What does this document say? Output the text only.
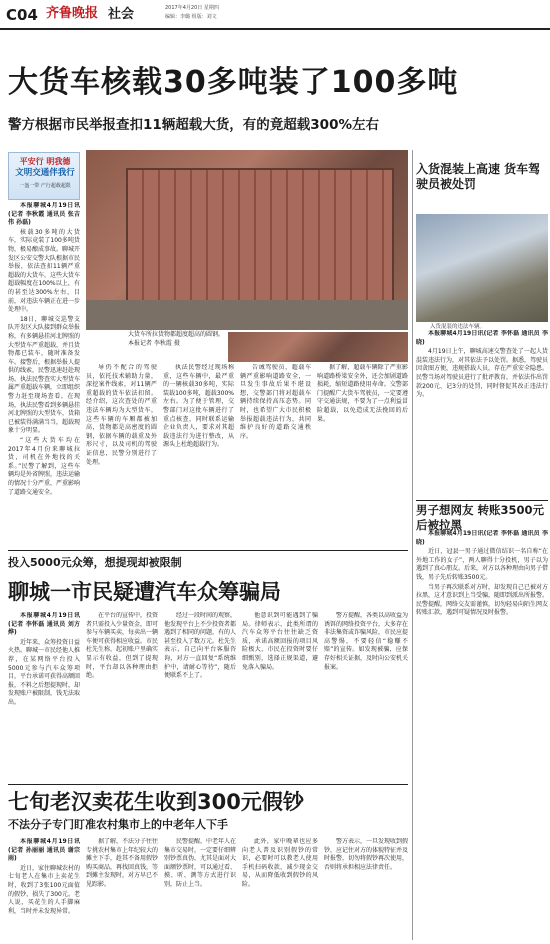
C04 齐鲁晚报 社会	2017年4月20日 星期四
编辑：李璐 组版：刘文
大货车核载30多吨装了100多吨
警方根据市民举报查扣11辆超载大货，有的竟超载300%左右
平安行 明我德
文明交通伴我行
一盔一带 产行超载超限
大货车所拉货物都超度超高的圆钢。本报记者 李秋霞 摄

本报聊城4月19日讯(记者 李秋霞 通讯员 张吉伟 孙磊)

核载30多吨的大货车，实际竟装了100多吨货物，极易酿成事故。聊城开发区公安交警大队根据市民举报，依法查扣11辆严重超载的大货车，这些大货车超载幅度在100%以上，有的甚至达300%左右，目前，对违法车辆正在进一步处理中。

18日，聊城交巡警支队开发区大队接到群众举报称，有多辆悬挂河北牌照的大型货车严重超载，并且货物都已装车，随时准备发车。接警后，根据举报人提供的线索，民警迅速赶赴现场。执法民警查实大型货车属严重超载车辆，立即组织警力赶至现场查看。在现场，执法民警看到多辆悬挂河北牌照的大型货车，货箱已被装得满满当当，超载现象十分明显。

“这些大货车均在2017年4月份来聊城拉货，司机在外地找的关系。”民警了解到，这些车辆均是外省牌照，违法运输的情况十分严重，严重影响了道路交通安全。

导仍不配合的驾驶员，依托技术辅助力量，深挖案件线索，对11辆严重超载的货车依法扣留。经介绍，这次查处的严重违法车辆均为大型货车，这些车辆的车厢都被加高，货物都是高密度的圆钢，依据车辆的载重及外形尺寸，以及司机的驾驶证信息，民警分别进行了处理。

执法民警经过现场称重，这些车辆中，最严重的一辆核载30多吨，实际装载100多吨，超载300%左右。为了便于管理，交警部门对这批车辆进行了重点核查，同时联系运输企业负责人，要求对其超载违法行为进行整改，从源头上杜绝超载行为。

告诫驾驶员，超载车辆严重影响道路安全，一旦发生事故后果不堪设想，交警部门将对超载车辆持续保持高压态势。同时，也希望广大市民积极举报超载违法行为，共同维护良好的道路交通秩序。

据了解，超载车辆除了严重影响道路桥梁安全外，还会加剧道路损耗，缩短道路使用寿命。交警部门提醒广大货车驾驶员，一定要遵守交通法规，不要为了一点利益冒险超载，以免造成无法挽回的后果。

入货混装上高速 货车驾驶员被处罚
入货混装的违法车辆。

本报聊城4月19日讯(记者 李怀磊 通讯员 李晓)

4月19日上午，聊城高速交警查处了一起人货混装违法行为，对其依法予以处罚。据悉，驾驶员因贪图方便，违规搭载人员，存在严重安全隐患。民警当场对驾驶员进行了批评教育，并依法作出罚款200元、记3分的处罚，同时督促其改正违法行为。

男子想网友 转账3500元后被拉黑

本报聊城4月19日讯(记者 李怀磊 通讯员 李晓)

近日，冠县一男子通过微信结识一名自称“在外地工作的女子”，两人聊得十分投机，男子以为遇到了真心朋友。后来，对方以各种理由向男子借钱，男子先后转账3500元。

当男子再次联系对方时，却发现自己已被对方拉黑，这才意识到上当受骗，随即到派出所报警。民警提醒，网络交友需谨慎，切勿轻易向陌生网友转账汇款，遇到可疑情况及时报警。

投入5000元众筹，想提现却被限制
聊城一市民疑遭汽车众筹骗局

本报聊城4月19日讯(记者 李怀磊 通讯员 刘方烨)

近年来，众筹投资日益火热。聊城一市民经他人推荐，在某网络平台投入5000元参与汽车众筹项目，平台承诺可获得高额回报，不料之后想提现时，却发现账户被限制，钱无法取出。

在平台的宣传中，投资者只需投入少量资金，即可参与车辆买卖，每卖出一辆车便可获得相应收益。市民杜先生称，起初账户里确实显示有收益，但到了提现时，平台却以各种理由拒绝。

经过一段时间的观察，他发现平台上不少投资者都遇到了相同的问题，有的人甚至投入了数万元。杜先生表示，自己向平台客服咨询，对方一直回复“系统维护中，请耐心等待”，随后便联系不上了。

他意识到可能遇到了骗局。律师表示，此类所谓的汽车众筹平台往往缺乏资质，承诺高额回报的项目风险极大，市民在投资时要仔细甄别，选择正规渠道，避免落入骗局。

警方提醒，各类以高收益为诱饵的网络投资平台，大多存在非法集资或诈骗风险，市民应提高警惕，不要轻信“稳赚不赔”的宣传。如发现被骗，应保存好相关证据，及时向公安机关报案。

七旬老汉卖花生收到300元假钞
不法分子专门盯准农村集市上的中老年人下手

本报聊城4月19日讯(记者 孙丽丽 通讯员 谢宗雨)

近日，家住聊城农村的七旬老人在集市上卖花生时，收到了3张100元面值的假钞，损失了300元。老人说，买花生的人手脚麻利，当时并未发现异常。

据了解，不法分子往往专挑农村集市上年纪较大的摊主下手，趁其不备用假钞购买商品，再找回真钱，等到摊主发现时，对方早已不见踪影。

民警提醒，中老年人在集市交易时，一定要仔细辨别钞票真伪，尤其是面对大面额钞票时，可以通过看、摸、听、测等方式进行识别，防止上当。

此外，家中晚辈也应多向老人普及识别假钞的常识，必要时可以教老人使用手机扫码收款，减少现金交易，从而降低收到假钞的风险。

警方表示，一旦发现收到假钞，应记住对方的体貌特征并及时报警，切勿将假钞再次使用，否则将承担相应法律责任。
